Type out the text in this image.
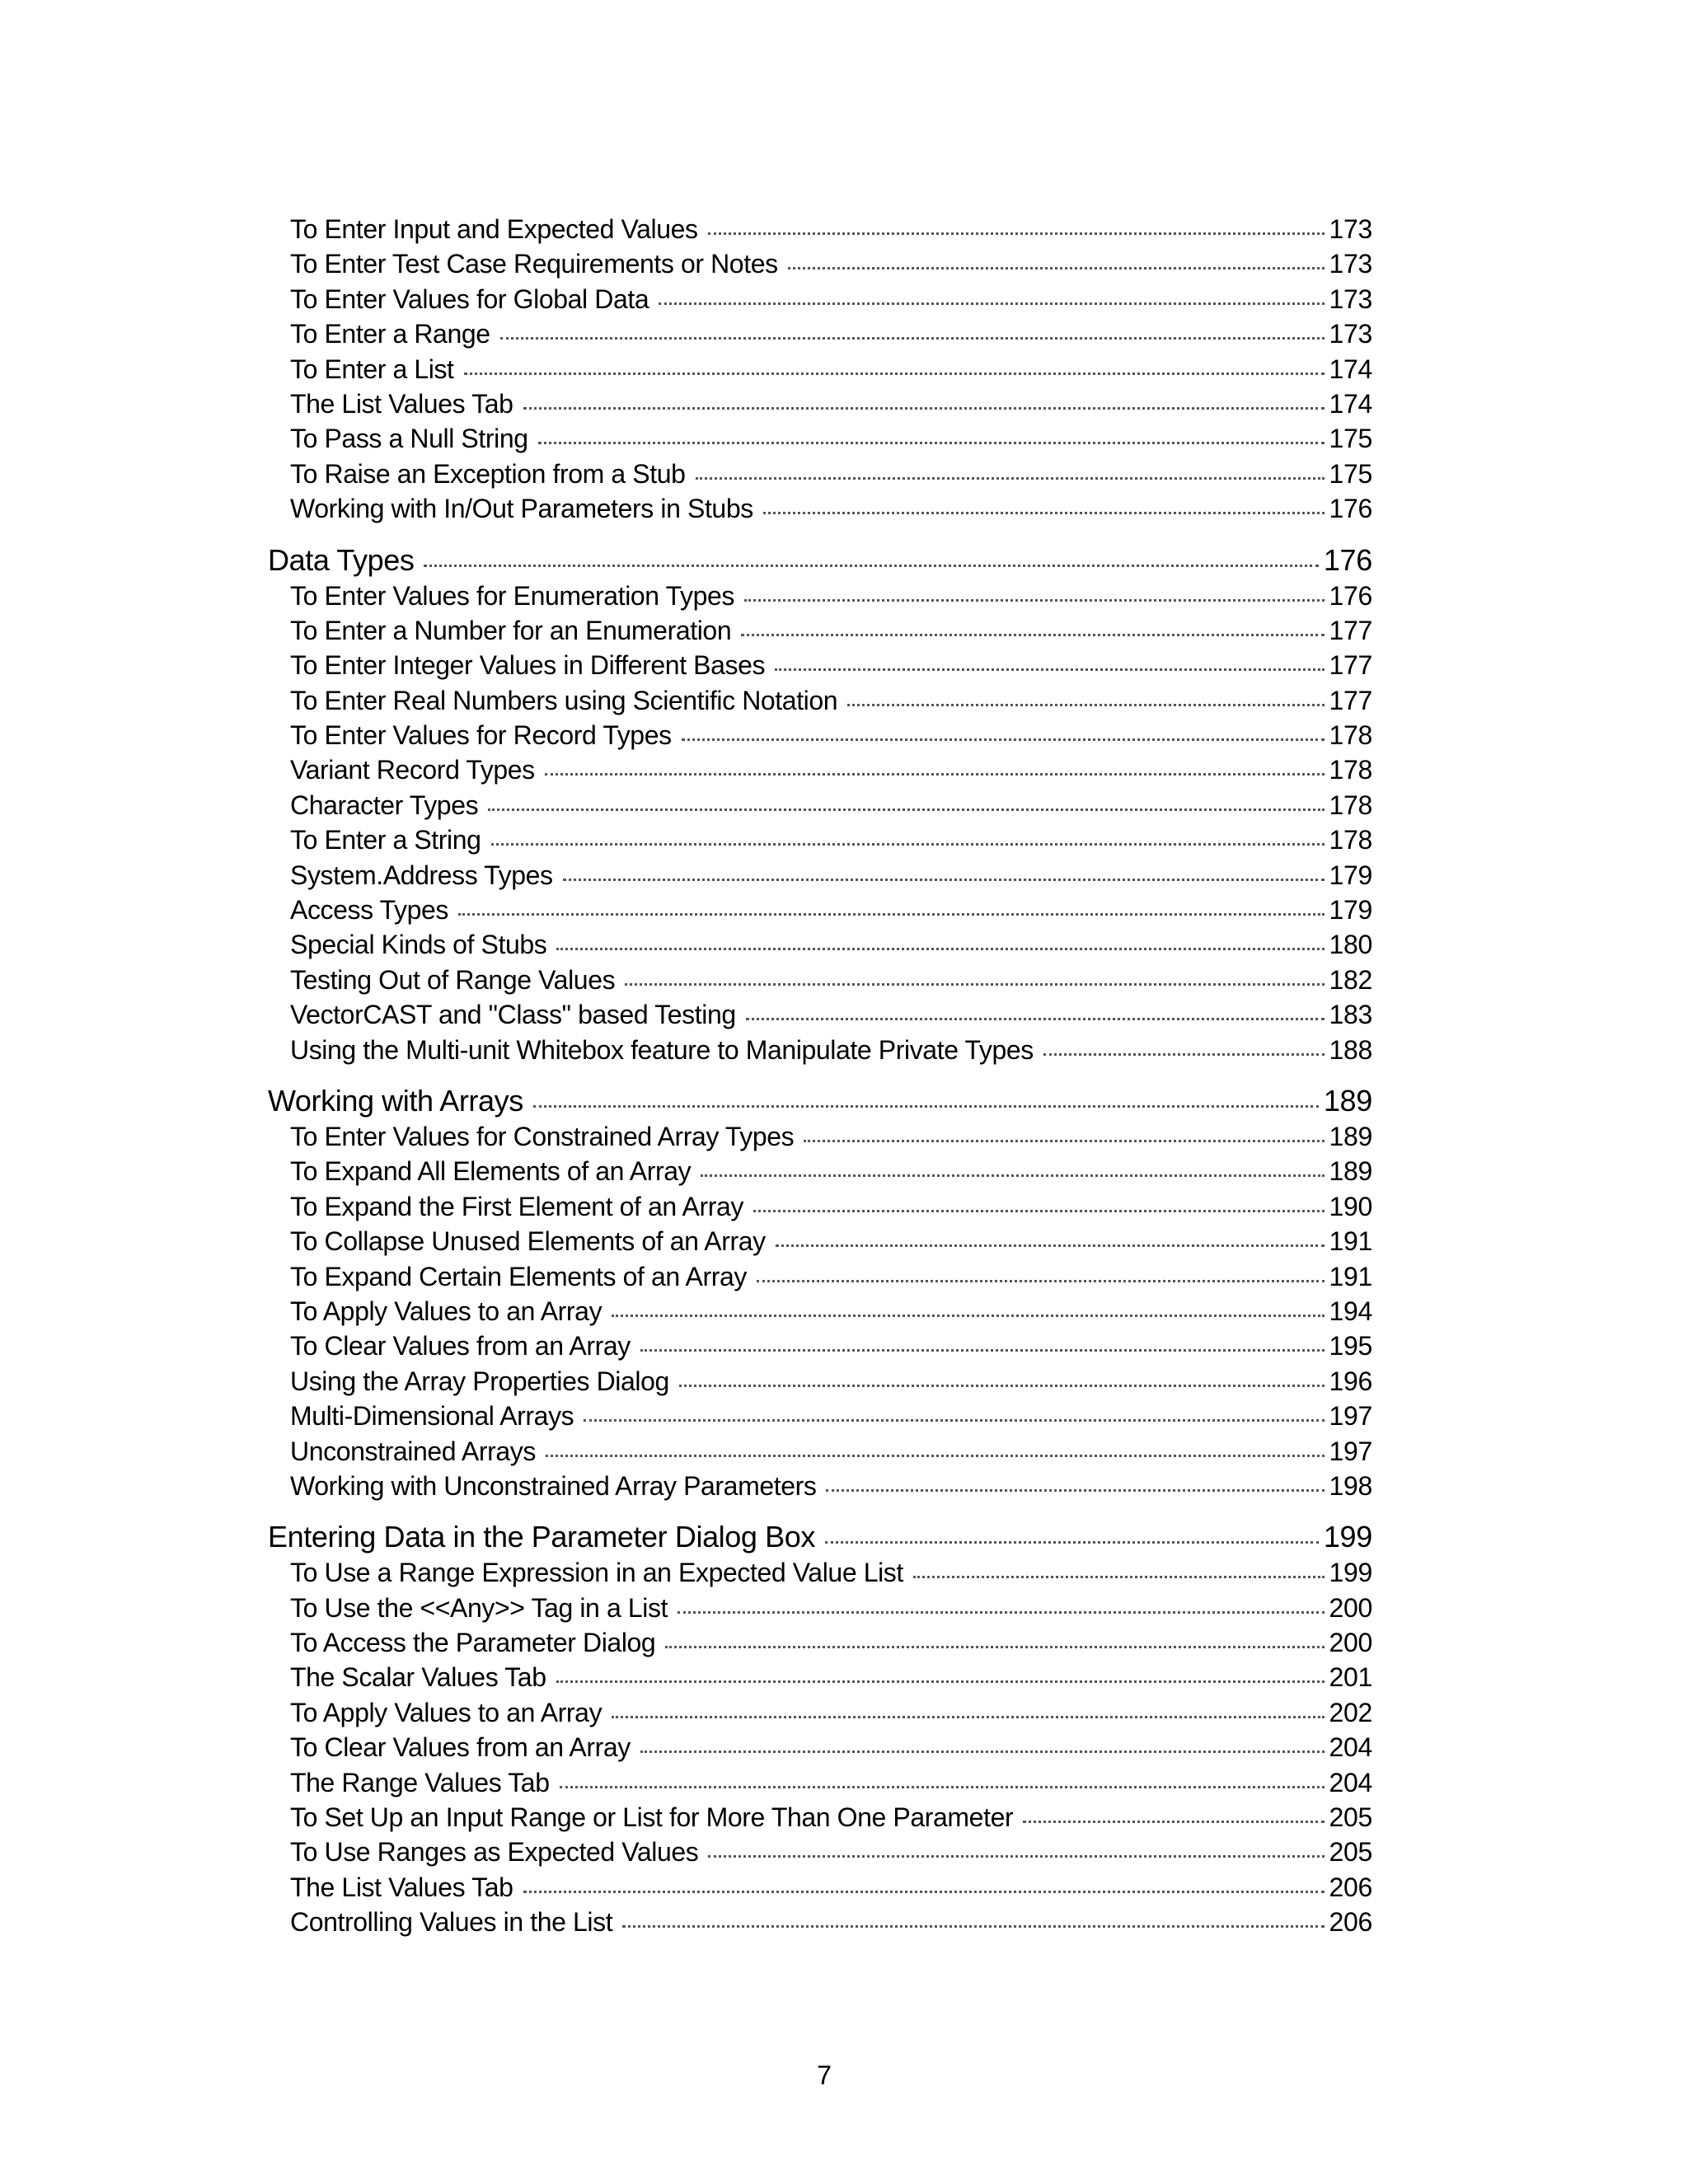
To Enter Input and Expected Values	173
To Enter Test Case Requirements or Notes	173
To Enter Values for Global Data	173
To Enter a Range	173
To Enter a List	174
The List Values Tab	174
To Pass a Null String	175
To Raise an Exception from a Stub	175
Working with In/Out Parameters in Stubs	176
Data Types	176
To Enter Values for Enumeration Types	176
To Enter a Number for an Enumeration	177
To Enter Integer Values in Different Bases	177
To Enter Real Numbers using Scientific Notation	177
To Enter Values for Record Types	178
Variant Record Types	178
Character Types	178
To Enter a String	178
System.Address Types	179
Access Types	179
Special Kinds of Stubs	180
Testing Out of Range Values	182
VectorCAST and "Class" based Testing	183
Using the Multi-unit Whitebox feature to Manipulate Private Types	188
Working with Arrays	189
To Enter Values for Constrained Array Types	189
To Expand All Elements of an Array	189
To Expand the First Element of an Array	190
To Collapse Unused Elements of an Array	191
To Expand Certain Elements of an Array	191
To Apply Values to an Array	194
To Clear Values from an Array	195
Using the Array Properties Dialog	196
Multi-Dimensional Arrays	197
Unconstrained Arrays	197
Working with Unconstrained Array Parameters	198
Entering Data in the Parameter Dialog Box	199
To Use a Range Expression in an Expected Value List	199
To Use the <<Any>> Tag in a List	200
To Access the Parameter Dialog	200
The Scalar Values Tab	201
To Apply Values to an Array	202
To Clear Values from an Array	204
The Range Values Tab	204
To Set Up an Input Range or List for More Than One Parameter	205
To Use Ranges as Expected Values	205
The List Values Tab	206
Controlling Values in the List	206
7
